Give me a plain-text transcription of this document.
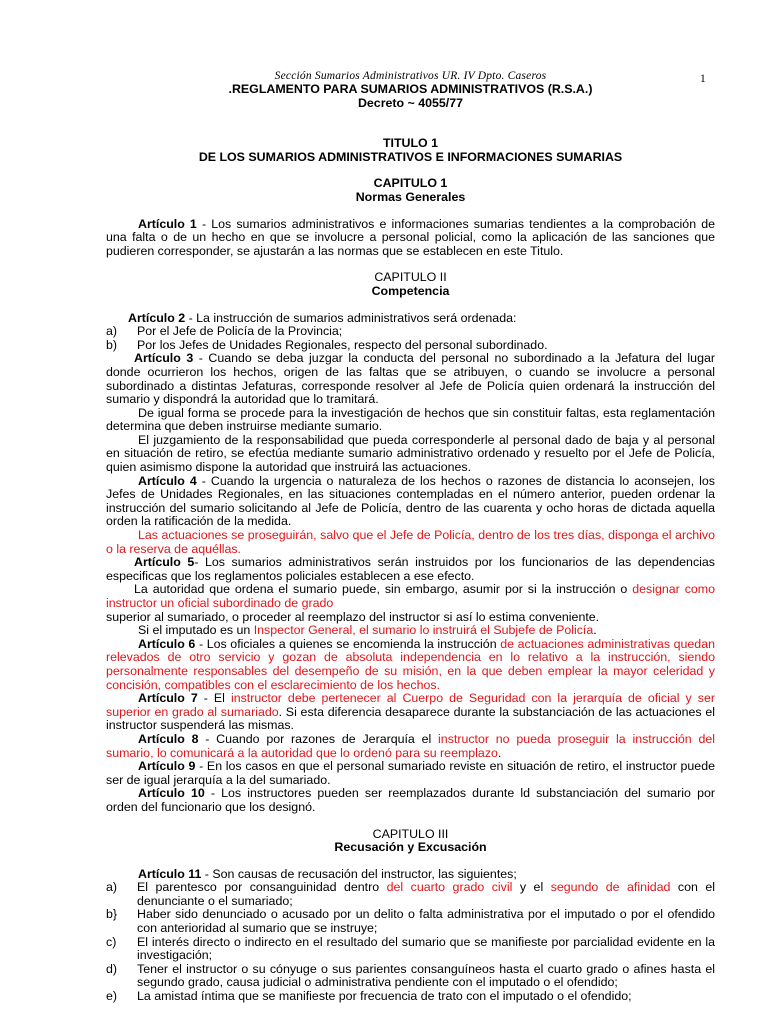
1
Sección Sumarios Administrativos UR. IV Dpto. Caseros

.REGLAMENTO PARA SUMARIOS ADMINISTRATIVOS (R.S.A.)

Decreto ~ 4055/77

TITULO 1

DE LOS SUMARIOS ADMINISTRATIVOS E INFORMACIONES SUMARIAS

CAPITULO 1

Normas Generales

Artículo 1 - Los sumarios administrativos e informaciones sumarias tendientes a la comprobación de una falta o de un hecho en que se involucre a personal policial, como la aplicación de las sanciones que pudieren corresponder, se ajustarán a las normas que se establecen en este Titulo.

CAPITULO II

Competencia

Artículo 2 - La instrucción de sumarios administrativos será ordenada:

a)	Por el Jefe de Policía de la Provincia;
b)	Por los Jefes de Unidades Regionales, respecto del personal subordinado.

Artículo 3 - Cuando se deba juzgar la conducta del personal no subordinado a la Jefatura del lugar donde ocurrieron los hechos, origen de las faltas que se atribuyen, o cuando se involucre a personal subordinado a distintas Jefaturas, corresponde resolver al Jefe de Policía quien ordenará la instrucción del sumario y dispondrá la autoridad que lo tramitará.

De igual forma se procede para la investigación de hechos que sin constituir faltas, esta reglamentación determina que deben instruirse mediante sumario.

El juzgamiento de la responsabilidad que pueda corresponderle al personal dado de baja y al personal en situación de retiro, se efectúa mediante sumario administrativo ordenado y resuelto por el Jefe de Policía, quien asimismo dispone la autoridad que instruirá las actuaciones.

Artículo 4 - Cuando la urgencia o naturaleza de los hechos o razones de distancia lo aconsejen, los Jefes de Unidades Regionales, en las situaciones contempladas en el número anterior, pueden ordenar la instrucción del sumario solicitando al Jefe de Policía, dentro de las cuarenta y ocho horas de dictada aquella orden la ratificación de la medida.

Las actuaciones se proseguirán, salvo que el Jefe de Policía, dentro de los tres días, disponga el archivo o la reserva de aquéllas.

Artículo 5- Los sumarios administrativos serán instruidos por los funcionarios de las dependencias especificas que los reglamentos policiales establecen a ese efecto.

La autoridad que ordena el sumario puede, sin embargo, asumir por si la instrucción o designar como instructor un oficial subordinado de grado

superior al sumariado, o proceder al reemplazo del instructor si así lo estima conveniente.

Si el imputado es un Inspector General, el sumario lo instruirá el Subjefe de Policía.

Artículo 6 - Los oficiales a quienes se encomienda la instrucción de actuaciones administrativas quedan relevados de otro servicio y gozan de absoluta independencia en lo relativo a la instrucción, siendo personalmente responsables del desempeño de su misión, en la que deben emplear la mayor celeridad y concisión, compatibles con el esclarecimiento de los hechos.

Artículo 7 - El instructor debe pertenecer al Cuerpo de Seguridad con la jerarquía de oficial y ser superior en grado al sumariado. Si esta diferencia desaparece durante la substanciación de las actuaciones el instructor suspenderá las mismas.

Artículo 8 - Cuando por razones de Jerarquía el instructor no pueda proseguir la instrucción del sumario, lo comunicará a la autoridad que lo ordenó para su reemplazo.

Artículo 9 - En los casos en que el personal sumariado reviste en situación de retiro, el instructor puede ser de igual jerarquía a la del sumariado.

Artículo 10 - Los instructores pueden ser reemplazados durante ld substanciación del sumario por orden del funcionario que los designó.

CAPITULO III

Recusación y Excusación

Artículo 11 - Son causas de recusación del instructor, las siguientes;

a)	El parentesco por consanguinidad dentro del cuarto grado civil y el segundo de afinidad con el denunciante o el sumariado;
b}	Haber sido denunciado o acusado por un delito o falta administrativa por el imputado o por el ofendido con anterioridad al sumario que se instruye;
c)	El interés directo o indirecto en el resultado del sumario que se manifieste por parcialidad evidente en la investigación;
d)	Tener el instructor o su cónyuge o sus parientes consanguíneos hasta el cuarto grado o afines hasta el segundo grado, causa judicial o administrativa pendiente con el imputado o el ofendido;
e)	La amistad íntima que se manifieste por frecuencia de trato con el imputado o el ofendido;
